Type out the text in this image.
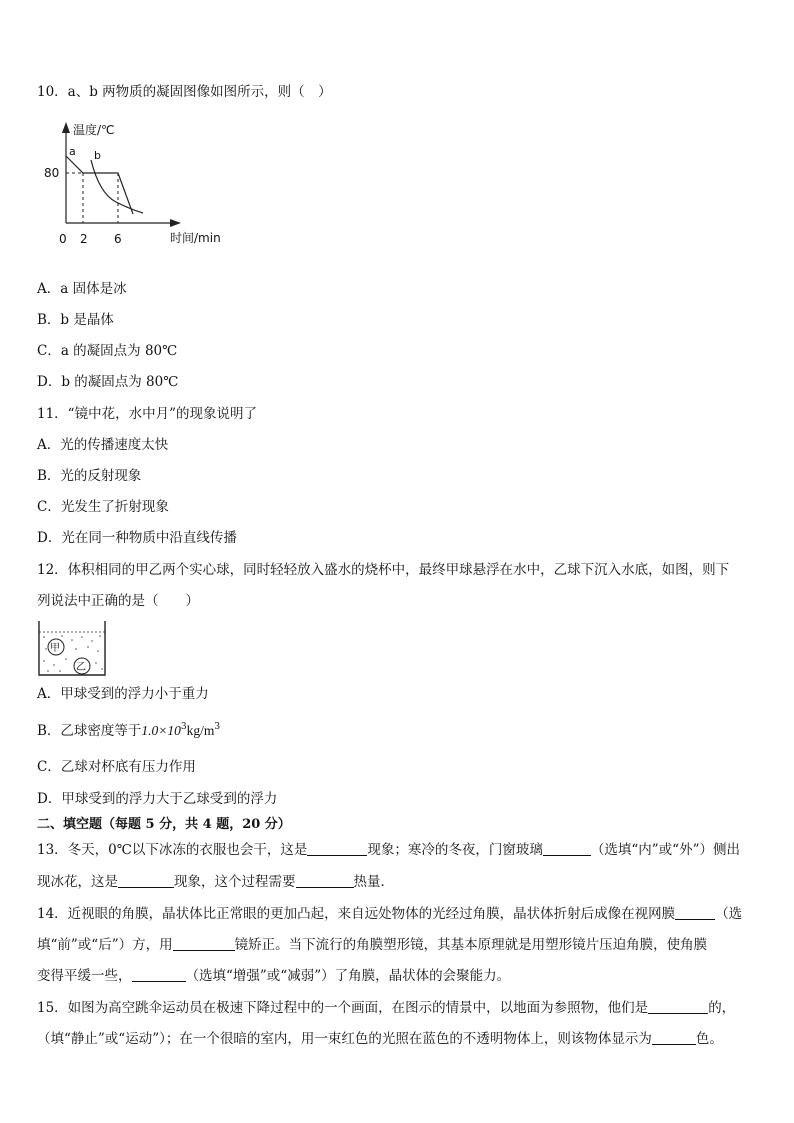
10．a、b 两物质的凝固图像如图所示，则（　）
温度/℃
时间/min
80
0 2 6
a b
A．a 固体是冰
B．b 是晶体
C．a 的凝固点为 80℃
D．b 的凝固点为 80℃
11．“镜中花，水中月”的现象说明了
A．光的传播速度太快
B．光的反射现象
C．光发生了折射现象
D．光在同一种物质中沿直线传播
12．体积相同的甲乙两个实心球，同时轻轻放入盛水的烧杯中，最终甲球悬浮在水中，乙球下沉入水底，如图，则下
列说法中正确的是（　　）
甲
乙
A．甲球受到的浮力小于重力
B．乙球密度等于$1.0\times 10^3kg/m^3$
C．乙球对杯底有压力作用
D．甲球受到的浮力大于乙球受到的浮力
二、填空题（每题 5 分，共 4 题，20 分）
13．冬天，0℃以下冰冻的衣服也会干，这是	现象；寒冷的冬夜，门窗玻璃	（选填“内”或“外”）侧出
现冰花，这是	现象，这个过程需要	热量．
14．近视眼的角膜，晶状体比正常眼的更加凸起，来自远处物体的光经过角膜，晶状体折射后成像在视网膜	（选
填“前”或“后”）方，用	镜矫正。当下流行的角膜塑形镜，其基本原理就是用塑形镜片压迫角膜，使角膜
变得平缓一些，	（选填“增强”或“减弱”）了角膜，晶状体的会聚能力。
15．如图为高空跳伞运动员在极速下降过程中的一个画面，在图示的情景中，以地面为参照物，他们是	的，
（填“静止”或“运动”）；在一个很暗的室内，用一束红色的光照在蓝色的不透明物体上，则该物体显示为	色。
